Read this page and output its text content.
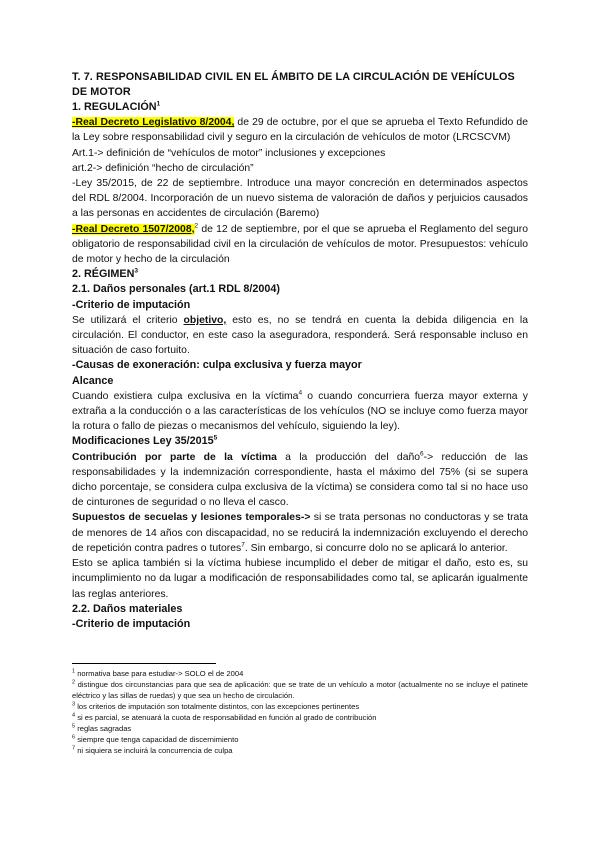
T. 7. RESPONSABILIDAD CIVIL EN EL ÁMBITO DE LA CIRCULACIÓN DE VEHÍCULOS DE MOTOR

1. REGULACIÓN$^1$

-Real Decreto Legislativo 8/2004, de 29 de octubre, por el que se aprueba el Texto Refundido de la Ley sobre responsabilidad civil y seguro en la circulación de vehículos de motor (LRCSCVM)

Art.1-> definición de “vehículos de motor” inclusiones y excepciones

art.2-> definición “hecho de circulación”

-Ley 35/2015, de 22 de septiembre. Introduce una mayor concreción en determinados aspectos del RDL 8/2004. Incorporación de un nuevo sistema de valoración de daños y perjuicios causados a las personas en accidentes de circulación (Baremo)

-Real Decreto 1507/2008,$^2$ de 12 de septiembre, por el que se aprueba el Reglamento del seguro obligatorio de responsabilidad civil en la circulación de vehículos de motor. Presupuestos: vehículo de motor y hecho de la circulación

2. RÉGIMEN$^3$

2.1. Daños personales (art.1 RDL 8/2004)

-Criterio de imputación

Se utilizará el criterio objetivo, esto es, no se tendrá en cuenta la debida diligencia en la circulación. El conductor, en este caso la aseguradora, responderá. Será responsable incluso en situación de caso fortuito.

-Causas de exoneración: culpa exclusiva y fuerza mayor

Alcance

Cuando existiera culpa exclusiva en la víctima$^4$ o cuando concurriera fuerza mayor externa y extraña a la conducción o a las características de los vehículos (NO se incluye como fuerza mayor la rotura o fallo de piezas o mecanismos del vehículo, siguiendo la ley).

Modificaciones Ley 35/2015$^5$

Contribución por parte de la víctima a la producción del daño$^6$-> reducción de las responsabilidades y la indemnización correspondiente, hasta el máximo del 75% (si se supera dicho porcentaje, se considera culpa exclusiva de la víctima) se considera como tal si no hace uso de cinturones de seguridad o no lleva el casco.

Supuestos de secuelas y lesiones temporales-> si se trata personas no conductoras y se trata de menores de 14 años con discapacidad, no se reducirá la indemnización excluyendo el derecho de repetición contra padres o tutores$^7$. Sin embargo, si concurre dolo no se aplicará lo anterior.

Esto se aplica también si la víctima hubiese incumplido el deber de mitigar el daño, esto es, su incumplimiento no da lugar a modificación de responsabilidades como tal, se aplicarán igualmente las reglas anteriores.

2.2. Daños materiales

-Criterio de imputación

$^1$ normativa base para estudiar-> SOLO el de 2004

$^2$ distingue dos circunstancias para que sea de aplicación: que se trate de un vehículo a motor (actualmente no se incluye el patinete eléctrico y las sillas de ruedas) y que sea un hecho de circulación.

$^3$ los criterios de imputación son totalmente distintos, con las excepciones pertinentes

$^4$ si es parcial, se atenuará la cuota de responsabilidad en función al grado de contribución

$^5$ reglas sagradas

$^6$ siempre que tenga capacidad de discernimiento

$^7$ ni siquiera se incluirá la concurrencia de culpa
